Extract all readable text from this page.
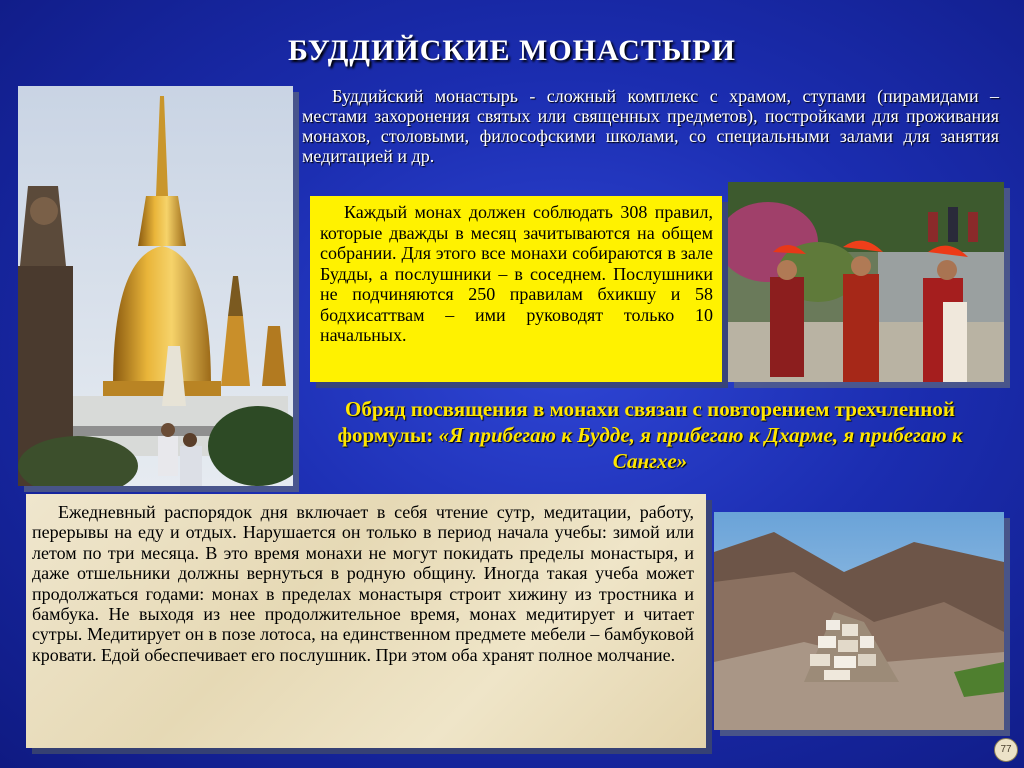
БУДДИЙСКИЕ МОНАСТЫРИ
Буддийский монастырь - сложный комплекс с храмом, ступами (пирамидами – местами захоронения святых или священных предметов), постройками для проживания монахов, столовыми, философскими школами, со специальными залами для занятия медитацией и др.

Каждый монах должен соблюдать 308 правил, которые дважды в месяц зачитываются на общем собрании. Для этого все монахи собираются в зале Будды, а послушники – в соседнем. Послушники не подчиняются 250 правилам бхикшу и 58 бодхисаттвам – ими руководят только 10 начальных.

Обряд посвящения в монахи связан с повторением трехчленной формулы: «Я прибегаю к Будде, я прибегаю к Дхарме, я прибегаю к Сангхе»

Ежедневный распорядок дня включает в себя чтение сутр, медитации, работу, перерывы на еду и отдых. Нарушается он только в период начала учебы: зимой или летом по три месяца. В это время монахи не могут покидать пределы монастыря, и даже отшельники должны вернуться в родную общину. Иногда такая учеба может продолжаться годами: монах в пределах монастыря строит хижину из тростника и бамбука. Не выходя из нее продолжительное время, монах медитирует и читает сутры. Медитирует он в позе лотоса, на единственном предмете мебели – бамбуковой кровати. Едой обеспечивает его послушник. При этом оба хранят полное молчание.

77
